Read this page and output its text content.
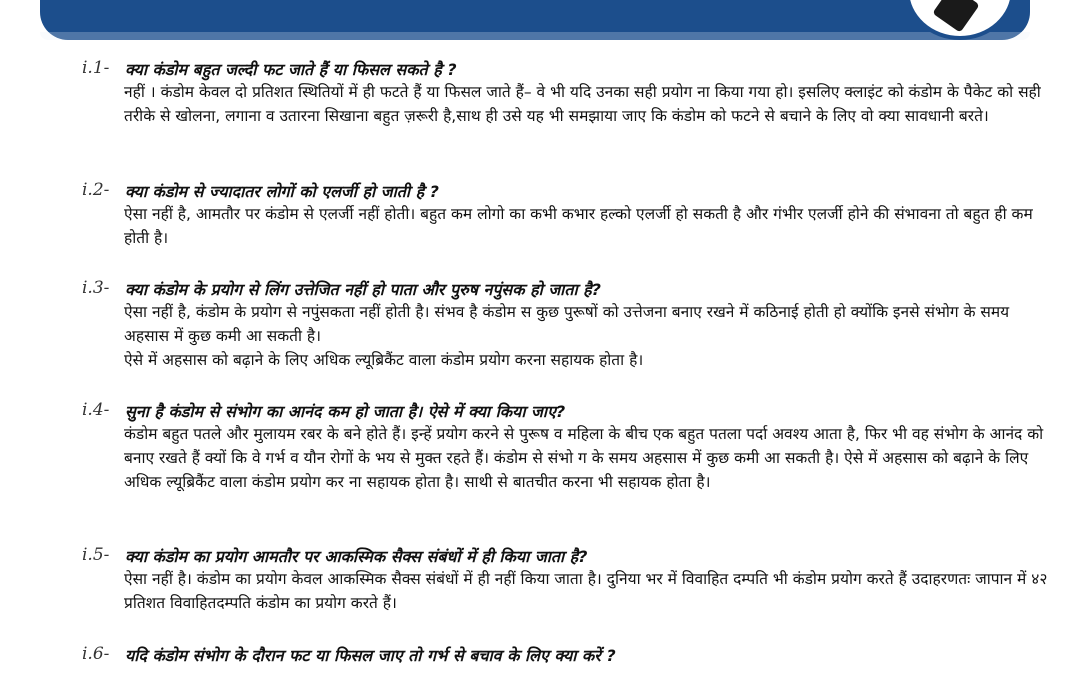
i.1- क्या कंडोम बहुत जल्दी फट जाते हैं या फिसल सकते है ?

नहीं । कंडोम केवल दो प्रतिशत स्थितियों में ही फटते हैं या फिसल जाते हैं– वे भी यदि उनका सही प्रयोग ना किया गया हो। इसलिए क्लाइंट को कंडोम के पैकेट को सही तरीके से खोलना, लगाना व उतारना सिखाना बहुत ज़रूरी है,साथ ही उसे यह भी समझाया जाए कि कंडोम को फटने से बचाने के लिए वो क्या सावधानी बरते।

i.2- क्या कंडोम से ज्यादातर लोगों को एलर्जी हो जाती है ?

ऐसा नहीं है, आमतौर पर कंडोम से एलर्जी नहीं होती। बहुत कम लोगो का कभी कभार हल्को एलर्जी हो सकती है और गंभीर एलर्जी होने की संभावना तो बहुत ही कम होती है।

i.3- क्या कंडोम के प्रयोग से लिंग उत्तेजित नहीं हो पाता और पुरुष नपुंसक हो जाता है?

ऐसा नहीं है, कंडोम के प्रयोग से नपुंसकता नहीं होती है। संभव है कंडोम स कुछ पुरूषों को उत्तेजना बनाए रखने में कठिनाई होती हो क्योंकि इनसे संभोग के समय अहसास में कुछ कमी आ सकती है।

ऐसे में अहसास को बढ़ाने के लिए अधिक ल्यूब्रिकैंट वाला कंडोम प्रयोग करना सहायक होता है।

i.4- सुना है कंडोम से संभोग का आनंद कम हो जाता है। ऐसे में क्या किया जाए?

कंडोम बहुत पतले और मुलायम रबर के बने होते हैं। इन्हें प्रयोग करने से पुरूष व महिला के बीच एक बहुत पतला पर्दा अवश्य आता है, फिर भी वह संभोग के आनंद को बनाए रखते हैं क्यों कि वे गर्भ व यौन रोगों के भय से मुक्त रहते हैं। कंडोम से संभो ग के समय अहसास में कुछ कमी आ सकती है। ऐसे में अहसास को बढ़ाने के लिए अधिक ल्यूब्रिकैंट वाला कंडोम प्रयोग कर ना सहायक होता है। साथी से बातचीत करना भी सहायक होता है।

i.5- क्या कंडोम का प्रयोग आमतौर पर आकस्मिक सैक्स संबंधों में ही किया जाता है?

ऐसा नहीं है। कंडोम का प्रयोग केवल आकस्मिक सैक्स संबंधों में ही नहीं किया जाता है। दुनिया भर में विवाहित दम्पति भी कंडोम प्रयोग करते हैं उदाहरणतः जापान में ४२ प्रतिशत विवाहितदम्पति कंडोम का प्रयोग करते हैं।

i.6- यदि कंडोम संभोग के दौरान फट या फिसल जाए तो गर्भ से बचाव के लिए क्या करें ?
